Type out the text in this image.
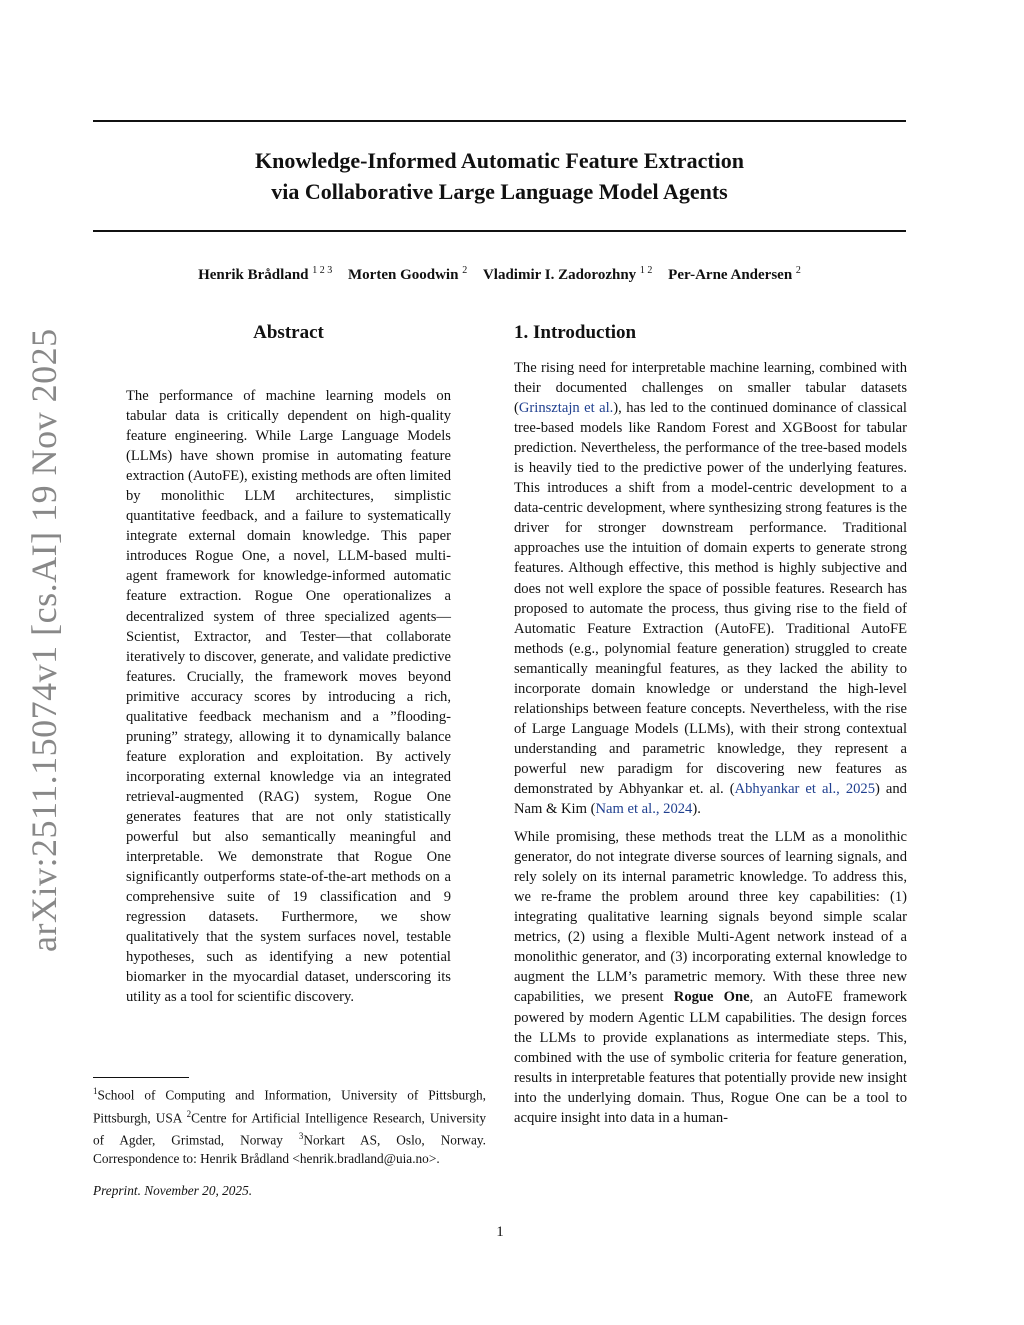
arXiv:2511.15074v1 [cs.AI] 19 Nov 2025
Knowledge-Informed Automatic Feature Extraction
via Collaborative Large Language Model Agents
Henrik Brådland $^{1 2 3}$ Morten Goodwin $^2$ Vladimir I. Zadorozhny $^{1 2}$ Per-Arne Andersen $^2$
Abstract

The performance of machine learning models on tabular data is critically dependent on high-quality feature engineering. While Large Language Models (LLMs) have shown promise in automating feature extraction (AutoFE), existing methods are often limited by monolithic LLM architectures, simplistic quantitative feedback, and a failure to systematically integrate external domain knowledge. This paper introduces Rogue One, a novel, LLM-based multi-agent framework for knowledge-informed automatic feature extraction. Rogue One operationalizes a decentralized system of three specialized agents—Scientist, Extractor, and Tester—that collaborate iteratively to discover, generate, and validate predictive features. Crucially, the framework moves beyond primitive accuracy scores by introducing a rich, qualitative feedback mechanism and a ”flooding-pruning” strategy, allowing it to dynamically balance feature exploration and exploitation. By actively incorporating external knowledge via an integrated retrieval-augmented (RAG) system, Rogue One generates features that are not only statistically powerful but also semantically meaningful and interpretable. We demonstrate that Rogue One significantly outperforms state-of-the-art methods on a comprehensive suite of 19 classification and 9 regression datasets. Furthermore, we show qualitatively that the system surfaces novel, testable hypotheses, such as identifying a new potential biomarker in the myocardial dataset, underscoring its utility as a tool for scientific discovery.

1. Introduction

The rising need for interpretable machine learning, combined with their documented challenges on smaller tabular datasets (Grinsztajn et al.), has led to the continued dominance of classical tree-based models like Random Forest and XGBoost for tabular prediction. Nevertheless, the performance of the tree-based models is heavily tied to the predictive power of the underlying features. This introduces a shift from a model-centric development to a data-centric development, where synthesizing strong features is the driver for stronger downstream performance. Traditional approaches use the intuition of domain experts to generate strong features. Although effective, this method is highly subjective and does not well explore the space of possible features. Research has proposed to automate the process, thus giving rise to the field of Automatic Feature Extraction (AutoFE). Traditional AutoFE methods (e.g., polynomial feature generation) struggled to create semantically meaningful features, as they lacked the ability to incorporate domain knowledge or understand the high-level relationships between feature concepts. Nevertheless, with the rise of Large Language Models (LLMs), with their strong contextual understanding and parametric knowledge, they represent a powerful new paradigm for discovering new features as demonstrated by Abhyankar et. al. (Abhyankar et al., 2025) and Nam & Kim (Nam et al., 2024).

While promising, these methods treat the LLM as a monolithic generator, do not integrate diverse sources of learning signals, and rely solely on its internal parametric knowledge. To address this, we re-frame the problem around three key capabilities: (1) integrating qualitative learning signals beyond simple scalar metrics, (2) using a flexible Multi-Agent network instead of a monolithic generator, and (3) incorporating external knowledge to augment the LLM’s parametric memory. With these three new capabilities, we present Rogue One, an AutoFE framework powered by modern Agentic LLM capabilities. The design forces the LLMs to provide explanations as intermediate steps. This, combined with the use of symbolic criteria for feature generation, results in interpretable features that potentially provide new insight into the underlying domain. Thus, Rogue One can be a tool to acquire insight into data in a human-

$^1$School of Computing and Information, University of Pittsburgh, Pittsburgh, USA $^2$Centre for Artificial Intelligence Research, University of Agder, Grimstad, Norway $^3$Norkart AS, Oslo, Norway. Correspondence to: Henrik Brådland <henrik.bradland@uia.no>.
Preprint. November 20, 2025.
1
